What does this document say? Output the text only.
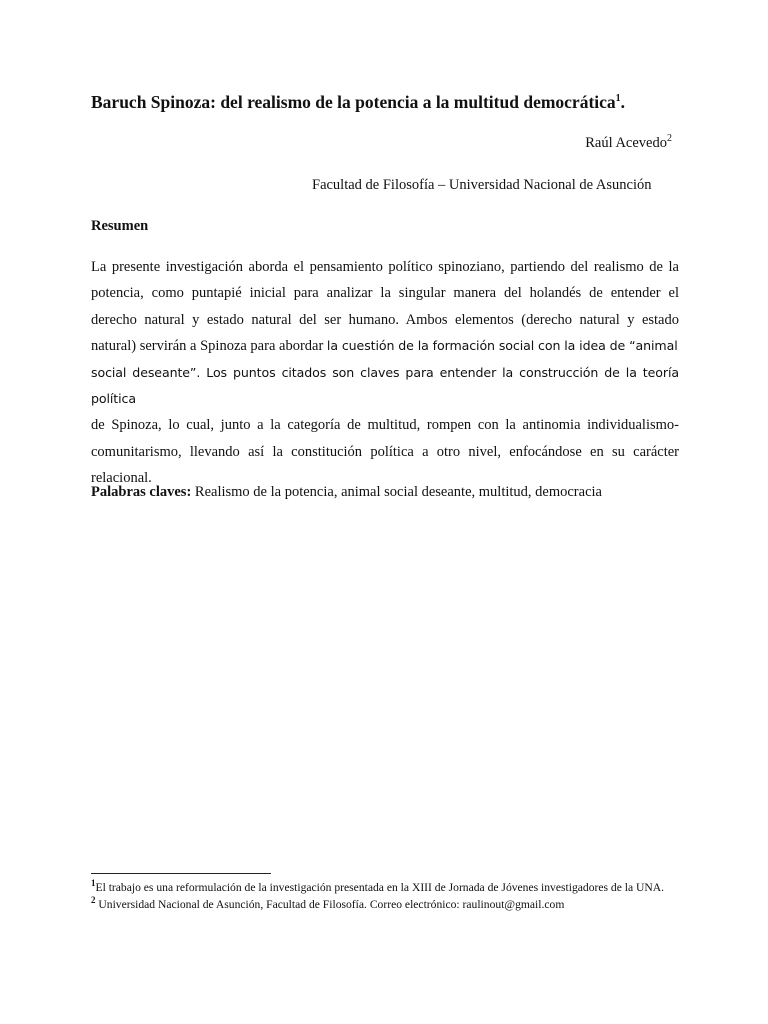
Baruch Spinoza: del realismo de la potencia a la multitud democrática$^1$.
Raúl Acevedo$^2$
Facultad de Filosofía – Universidad Nacional de Asunción
Resumen
La presente investigación aborda el pensamiento político spinoziano, partiendo del realismo de la
potencia, como puntapié inicial para analizar la singular manera del holandés de entender el
derecho natural y estado natural del ser humano. Ambos elementos (derecho natural y estado
natural) servirán a Spinoza para abordar la cuestión de la formación social con la idea de “animal
social deseante”. Los puntos citados son claves para entender la construcción de la teoría política
de Spinoza, lo cual, junto a la categoría de multitud, rompen con la antinomia individualismo-
comunitarismo, llevando así la constitución política a otro nivel, enfocándose en su carácter
relacional.
Palabras claves: Realismo de la potencia, animal social deseante, multitud, democracia
$^1$El trabajo es una reformulación de la investigación presentada en la XIII de Jornada de Jóvenes investigadores de la UNA.
$^2$ Universidad Nacional de Asunción, Facultad de Filosofía. Correo electrónico: raulinout@gmail.com
